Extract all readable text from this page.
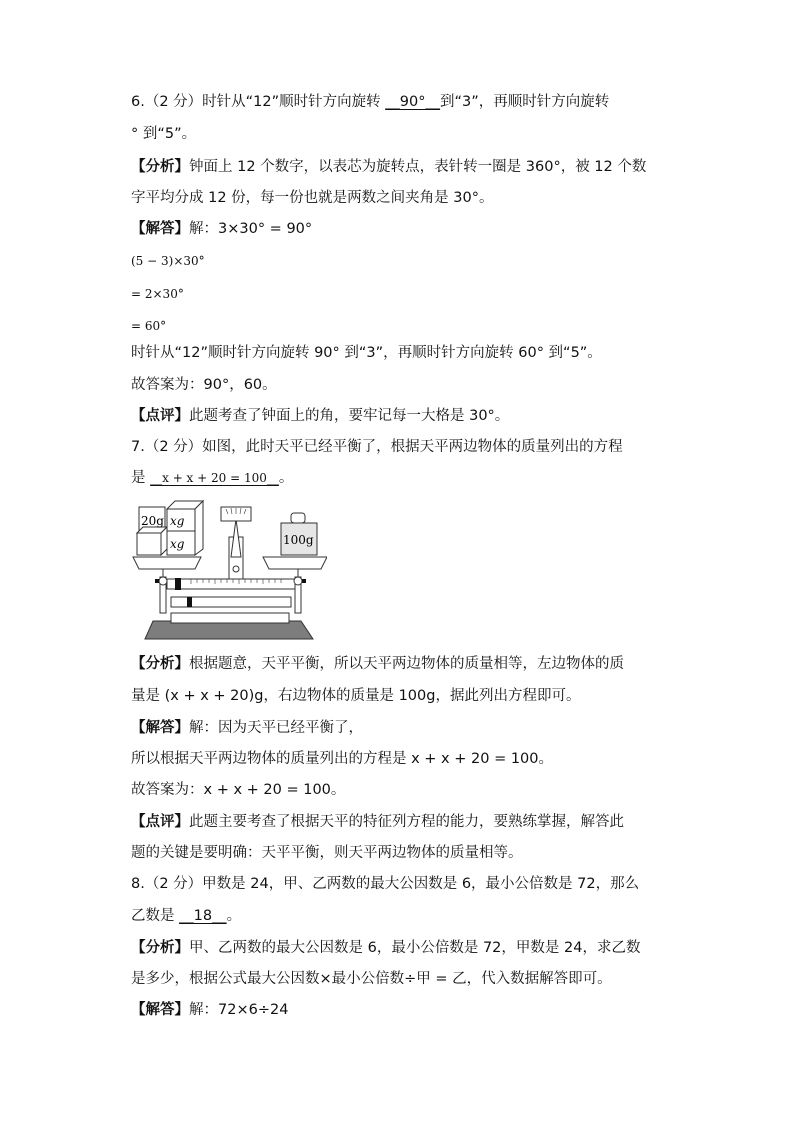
6.（2 分）时针从“12”顺时针方向旋转 __90°__到“3”，再顺时针方向旋转
° 到“5”。
【分析】钟面上 12 个数字，以表芯为旋转点，表针转一圈是 360°，被 12 个数
字平均分成 12 份，每一份也就是两数之间夹角是 30°。
【解答】解：3×30° = 90°
(5 − 3)×30°
= 2×30°
= 60°
时针从“12”顺时针方向旋转 90° 到“3”，再顺时针方向旋转 60° 到“5”。
故答案为：90°，60。
【点评】此题考查了钟面上的角，要牢记每一大格是 30°。
7.（2 分）如图，此时天平已经平衡了，根据天平两边物体的质量列出的方程
是 __x + x + 20 = 100__。
20g xg
xg	100g
【分析】根据题意，天平平衡，所以天平两边物体的质量相等，左边物体的质
量是 (x + x + 20)g，右边物体的质量是 100g，据此列出方程即可。
【解答】解：因为天平已经平衡了，
所以根据天平两边物体的质量列出的方程是 x + x + 20 = 100。
故答案为：x + x + 20 = 100。
【点评】此题主要考查了根据天平的特征列方程的能力，要熟练掌握，解答此
题的关键是要明确：天平平衡，则天平两边物体的质量相等。
8.（2 分）甲数是 24，甲、乙两数的最大公因数是 6，最小公倍数是 72，那么
乙数是 __18__。
【分析】甲、乙两数的最大公因数是 6，最小公倍数是 72，甲数是 24，求乙数
是多少，根据公式最大公因数×最小公倍数÷甲 = 乙，代入数据解答即可。
【解答】解：72×6÷24
